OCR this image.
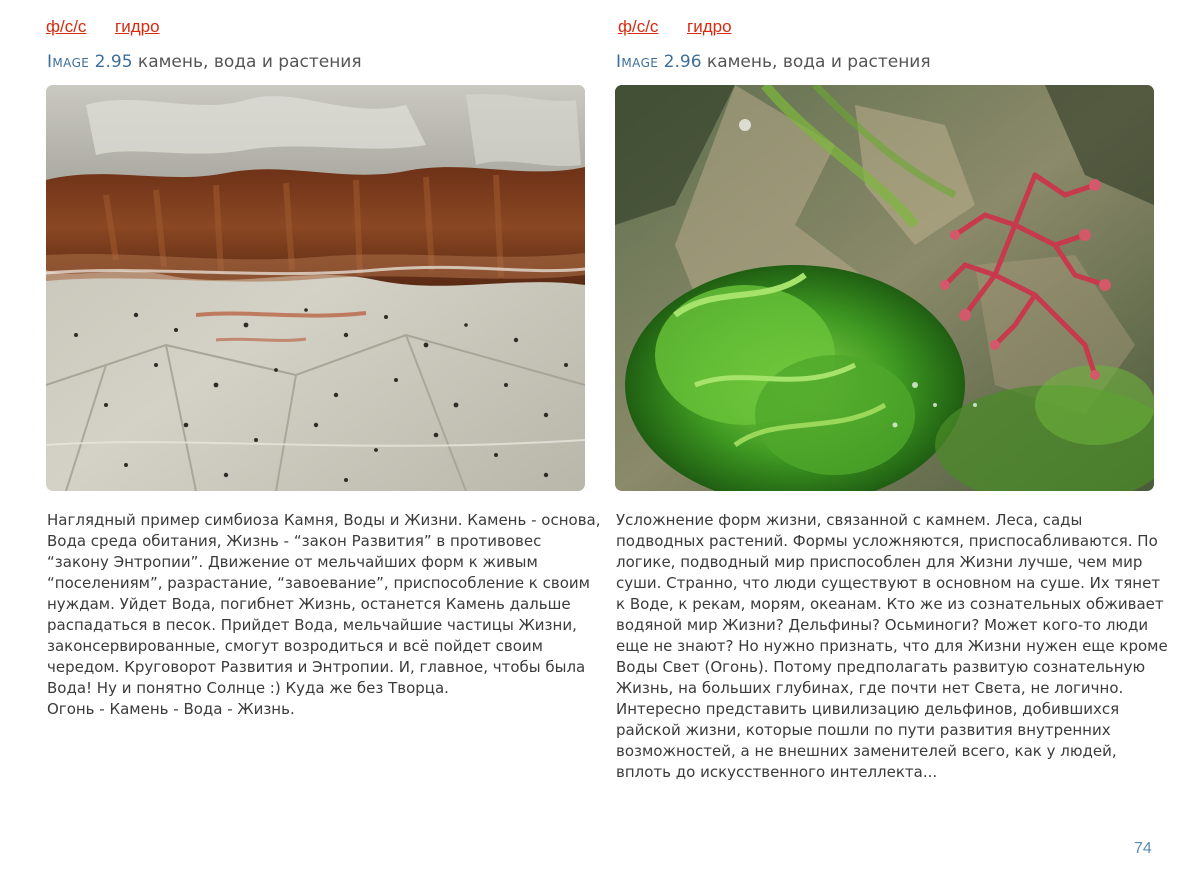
ф/с/с гидро
Image 2.95 камень, вода и растения

Наглядный пример симбиоза Камня, Воды и Жизни. Камень - основа,
Вода среда обитания, Жизнь - “закон Развития” в противовес
“закону Энтропии”. Движение от мельчайших форм к живым
“поселениям”, разрастание, “завоевание”, приспособление к своим
нуждам. Уйдет Вода, погибнет Жизнь, останется Камень дальше
распадаться в песок. Прийдет Вода, мельчайшие частицы Жизни,
законсервированные, смогут возродиться и всё пойдет своим
чередом. Круговорот Развития и Энтропии. И, главное, чтобы была
Вода! Ну и понятно Солнце :) Куда же без Творца.
Огонь - Камень - Вода - Жизнь.

ф/с/с гидро
Image 2.96 камень, вода и растения

Усложнение форм жизни, связанной с камнем. Леса, сады
подводных растений. Формы усложняются, приспосабливаются. По
логике, подводный мир приспособлен для Жизни лучше, чем мир
суши. Странно, что люди существуют в основном на суше. Их тянет
к Воде, к рекам, морям, океанам. Кто же из сознательных обживает
водяной мир Жизни? Дельфины? Осьминоги? Может кого-то люди
еще не знают? Но нужно признать, что для Жизни нужен еще кроме
Воды Свет (Огонь). Потому предполагать развитую сознательную
Жизнь, на больших глубинах, где почти нет Света, не логично.
Интересно представить цивилизацию дельфинов, добившихся
райской жизни, которые пошли по пути развития внутренних
возможностей, а не внешних заменителей всего, как у людей,
вплоть до искусственного интеллекта...

74
